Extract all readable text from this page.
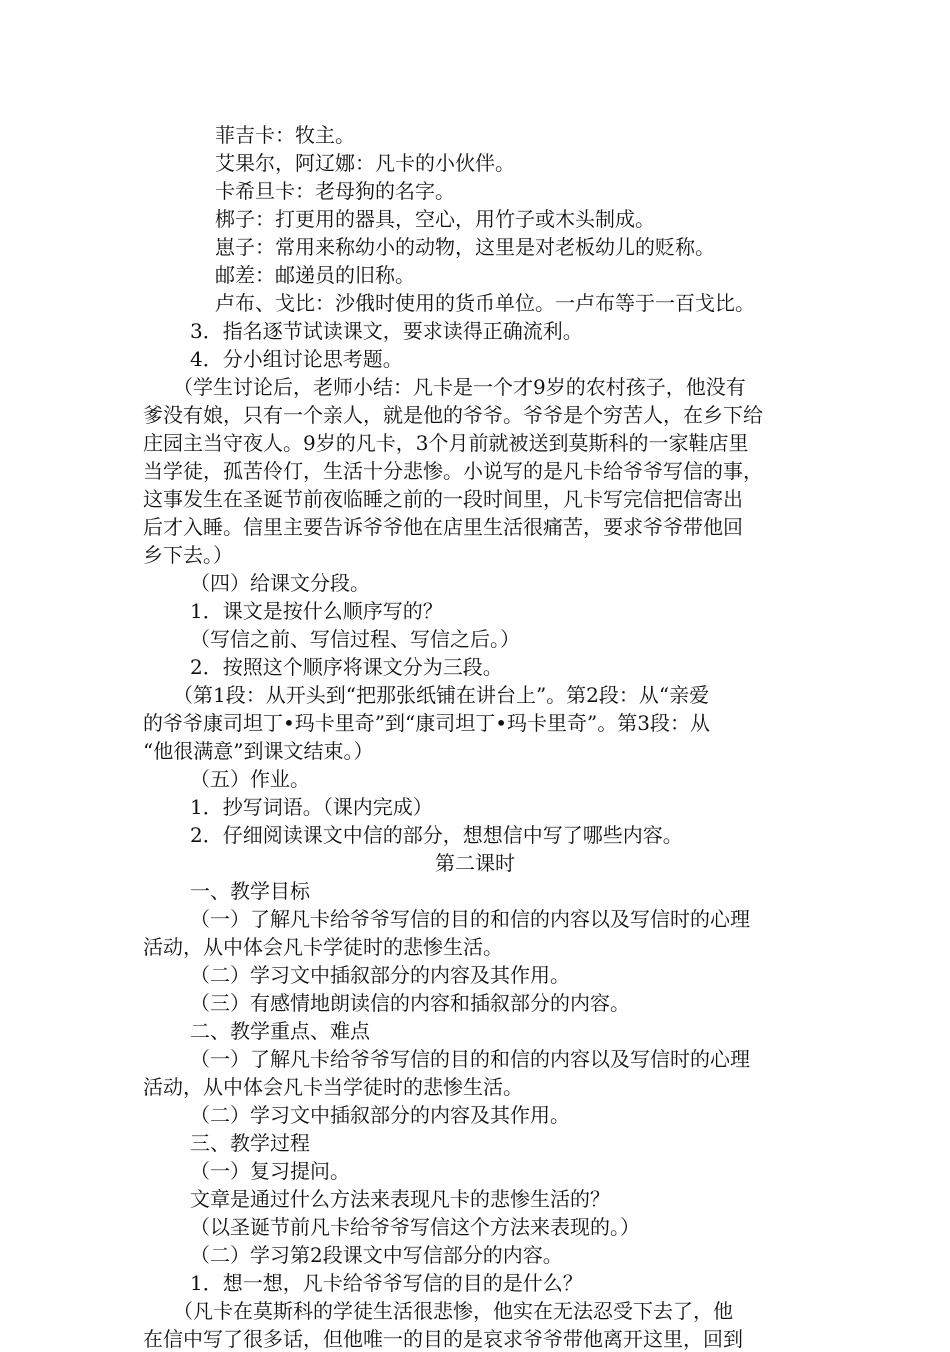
菲吉卡：牧主。
艾果尔，阿辽娜：凡卡的小伙伴。
卡希旦卡：老母狗的名字。
梆子：打更用的器具，空心，用竹子或木头制成。
崽子：常用来称幼小的动物，这里是对老板幼儿的贬称。
邮差：邮递员的旧称。
卢布、戈比：沙俄时使用的货币单位。一卢布等于一百戈比。
3．指名逐节试读课文，要求读得正确流利。
4．分小组讨论思考题。
（学生讨论后，老师小结：凡卡是一个才9岁的农村孩子，他没有
爹没有娘，只有一个亲人，就是他的爷爷。爷爷是个穷苦人，在乡下给
庄园主当守夜人。9岁的凡卡，3个月前就被送到莫斯科的一家鞋店里
当学徒，孤苦伶仃，生活十分悲惨。小说写的是凡卡给爷爷写信的事，
这事发生在圣诞节前夜临睡之前的一段时间里，凡卡写完信把信寄出
后才入睡。信里主要告诉爷爷他在店里生活很痛苦，要求爷爷带他回
乡下去。）
（四）给课文分段。
1．课文是按什么顺序写的？
（写信之前、写信过程、写信之后。）
2．按照这个顺序将课文分为三段。
（第1段：从开头到“把那张纸铺在讲台上”。第2段：从“亲爱
的爷爷康司坦丁•玛卡里奇”到“康司坦丁•玛卡里奇”。第3段：从
“他很满意”到课文结束。）
（五）作业。
1．抄写词语。（课内完成）
2．仔细阅读课文中信的部分，想想信中写了哪些内容。
第二课时
一、教学目标
（一）了解凡卡给爷爷写信的目的和信的内容以及写信时的心理
活动，从中体会凡卡学徒时的悲惨生活。
（二）学习文中插叙部分的内容及其作用。
（三）有感情地朗读信的内容和插叙部分的内容。
二、教学重点、难点
（一）了解凡卡给爷爷写信的目的和信的内容以及写信时的心理
活动，从中体会凡卡当学徒时的悲惨生活。
（二）学习文中插叙部分的内容及其作用。
三、教学过程
（一）复习提问。
文章是通过什么方法来表现凡卡的悲惨生活的？
（以圣诞节前凡卡给爷爷写信这个方法来表现的。）
（二）学习第2段课文中写信部分的内容。
1．想一想，凡卡给爷爷写信的目的是什么？
（凡卡在莫斯科的学徒生活很悲惨，他实在无法忍受下去了，他
在信中写了很多话，但他唯一的目的是哀求爷爷带他离开这里，回到
